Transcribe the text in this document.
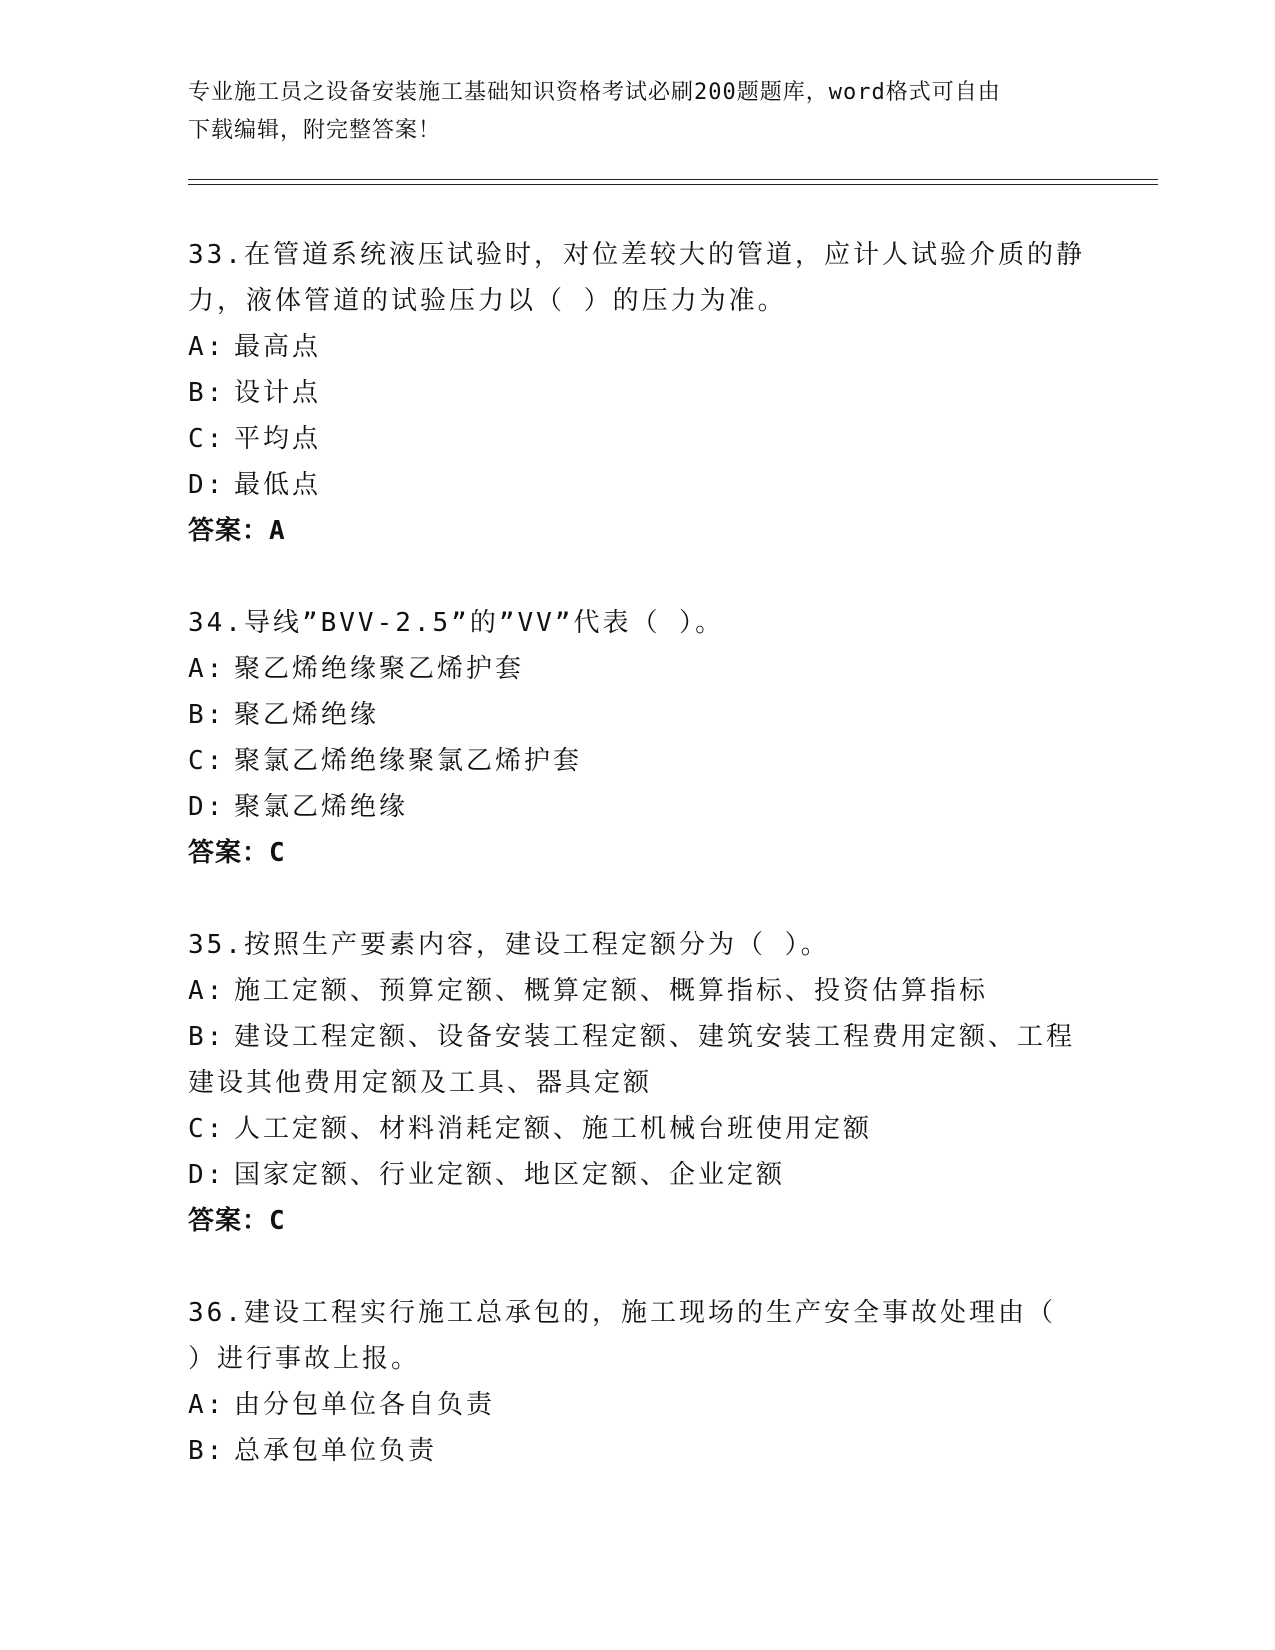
专业施工员之设备安装施工基础知识资格考试必刷200题题库，word格式可自由
下载编辑，附完整答案！

33.在管道系统液压试验时，对位差较大的管道，应计人试验介质的静

力，液体管道的试验压力以（ ）的压力为准。

A: 最高点

B: 设计点

C: 平均点

D: 最低点

答案：A

34.导线”BVV-2.5”的”VV”代表（ ）。

A: 聚乙烯绝缘聚乙烯护套

B: 聚乙烯绝缘

C: 聚氯乙烯绝缘聚氯乙烯护套

D: 聚氯乙烯绝缘

答案：C

35.按照生产要素内容，建设工程定额分为（ ）。

A: 施工定额、预算定额、概算定额、概算指标、投资估算指标

B: 建设工程定额、设备安装工程定额、建筑安装工程费用定额、工程

建设其他费用定额及工具、器具定额

C: 人工定额、材料消耗定额、施工机械台班使用定额

D: 国家定额、行业定额、地区定额、企业定额

答案：C

36.建设工程实行施工总承包的，施工现场的生产安全事故处理由（

）进行事故上报。

A: 由分包单位各自负责

B: 总承包单位负责
